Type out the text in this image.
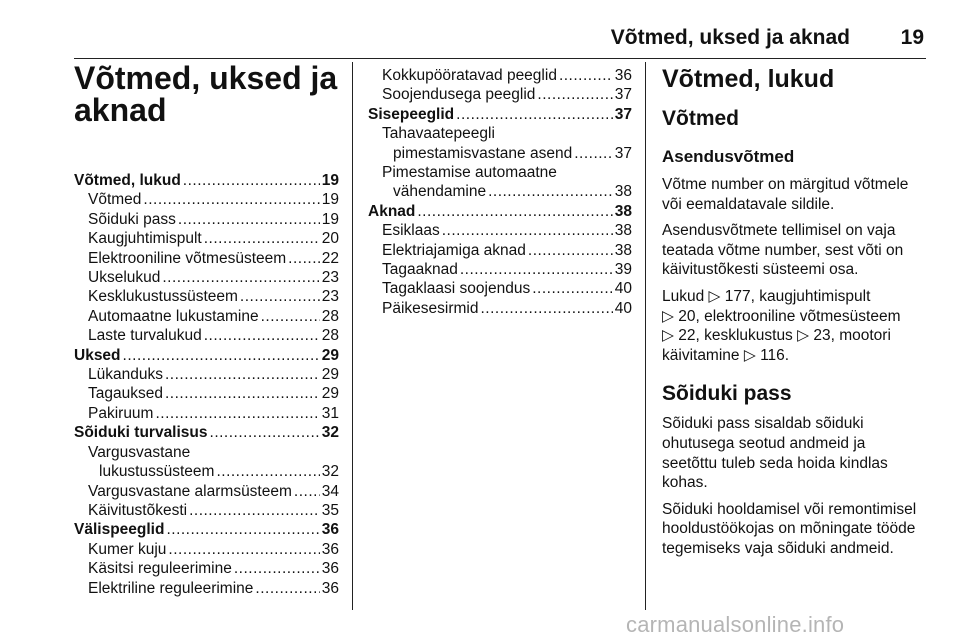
Võtmed, uksed ja aknad 19
Võtmed, uksed ja
aknad
Võtmed, lukud .....	19
Võtmed .....	19
Sõiduki pass .....	19
Kaugjuhtimispult .....	20
Elektrooniline võtmesüsteem ..... 22
Ukselukud .....	23
Kesklukustussüsteem .....	23
Automaatne lukustamine .....	28
Laste turvalukud .....	28
Uksed .....	29
Lükanduks .....	29
Tagauksed .....	29
Pakiruum .....	31
Sõiduki turvalisus .....	32
Vargusvastane
lukustussüsteem .....	32
Vargusvastane alarmsüsteem ..... 34
Käivitustõkesti .....	35
Välispeeglid .....	36
Kumer kuju .....	36
Käsitsi reguleerimine .....	36
Elektriline reguleerimine .....	36
Kokkupööratavad peeglid .....	36
Soojendusega peeglid .....	37
Sisepeeglid .....	37
Tahavaatepeegli
pimestamisvastane asend .....	37
Pimestamise automaatne
vähendamine .....	38
Aknad .....	38
Esiklaas .....	38
Elektriajamiga aknad .....	38
Tagaaknad .....	39
Tagaklaasi soojendus .....	40
Päikesesirmid .....	40
Võtmed, lukud
Võtmed
Asendusvõtmed
Võtme number on märgitud võtmele
või eemaldatavale sildile.
Asendusvõtmete tellimisel on vaja
teatada võtme number, sest võti on
käivitustõkesti süsteemi osa.
Lukud ▷ 177, kaugjuhtimispult
▷ 20, elektrooniline võtmesüsteem
▷ 22, kesklukustus ▷ 23, mootori
käivitamine ▷ 116.
Sõiduki pass
Sõiduki pass sisaldab sõiduki
ohutusega seotud andmeid ja
seetõttu tuleb seda hoida kindlas
kohas.
Sõiduki hooldamisel või remontimisel
hooldustöökojas on mõningate tööde
tegemiseks vaja sõiduki andmeid.
carmanualsonline.info
